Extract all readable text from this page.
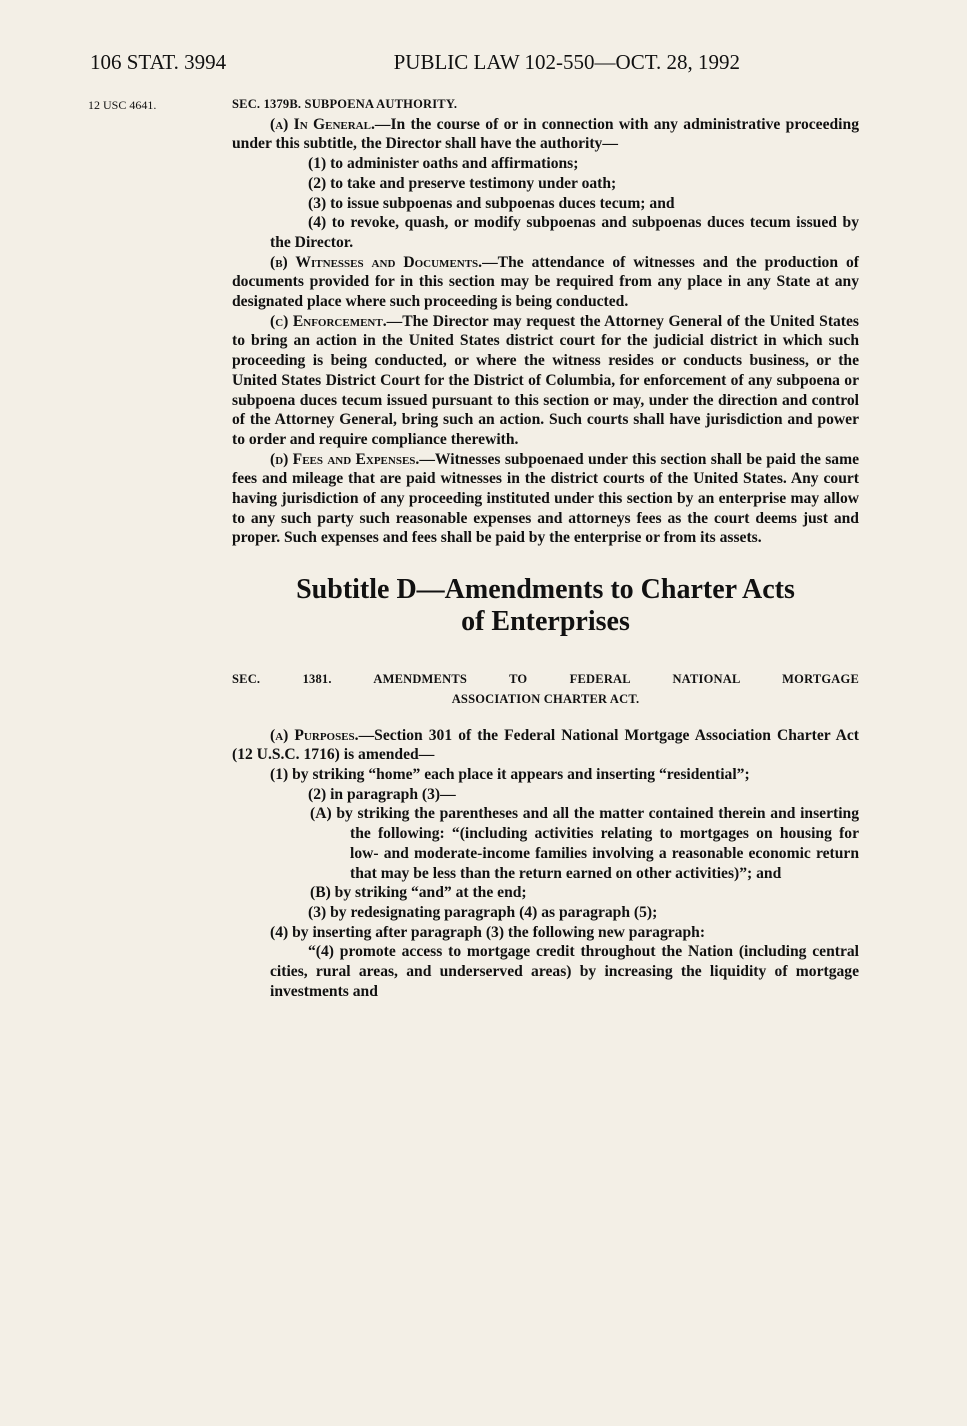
106 STAT. 3994	PUBLIC LAW 102-550—OCT. 28, 1992
12 USC 4641.	SEC. 1379B. SUBPOENA AUTHORITY.

(a) In General.—In the course of or in connection with any administrative proceeding under this subtitle, the Director shall have the authority—

(1) to administer oaths and affirmations;

(2) to take and preserve testimony under oath;

(3) to issue subpoenas and subpoenas duces tecum; and

(4) to revoke, quash, or modify subpoenas and subpoenas duces tecum issued by the Director.

(b) Witnesses and Documents.—The attendance of witnesses and the production of documents provided for in this section may be required from any place in any State at any designated place where such proceeding is being conducted.

(c) Enforcement.—The Director may request the Attorney General of the United States to bring an action in the United States district court for the judicial district in which such proceeding is being conducted, or where the witness resides or conducts business, or the United States District Court for the District of Columbia, for enforcement of any subpoena or subpoena duces tecum issued pursuant to this section or may, under the direction and control of the Attorney General, bring such an action. Such courts shall have jurisdiction and power to order and require compliance therewith.

(d) Fees and Expenses.—Witnesses subpoenaed under this section shall be paid the same fees and mileage that are paid witnesses in the district courts of the United States. Any court having jurisdiction of any proceeding instituted under this section by an enterprise may allow to any such party such reasonable expenses and attorneys fees as the court deems just and proper. Such expenses and fees shall be paid by the enterprise or from its assets.

Subtitle D—Amendments to Charter Acts
of Enterprises

SEC. 1381. AMENDMENTS TO FEDERAL NATIONAL MORTGAGE

ASSOCIATION CHARTER ACT.

(a) Purposes.—Section 301 of the Federal National Mortgage Association Charter Act (12 U.S.C. 1716) is amended—

(1) by striking “home” each place it appears and inserting “residential”;

(2) in paragraph (3)—

(A) by striking the parentheses and all the matter contained therein and inserting the following: “(including activities relating to mortgages on housing for low- and moderate-income families involving a reasonable economic return that may be less than the return earned on other activities)”; and

(B) by striking “and” at the end;

(3) by redesignating paragraph (4) as paragraph (5);

(4) by inserting after paragraph (3) the following new paragraph:

“(4) promote access to mortgage credit throughout the Nation (including central cities, rural areas, and underserved areas) by increasing the liquidity of mortgage investments and
